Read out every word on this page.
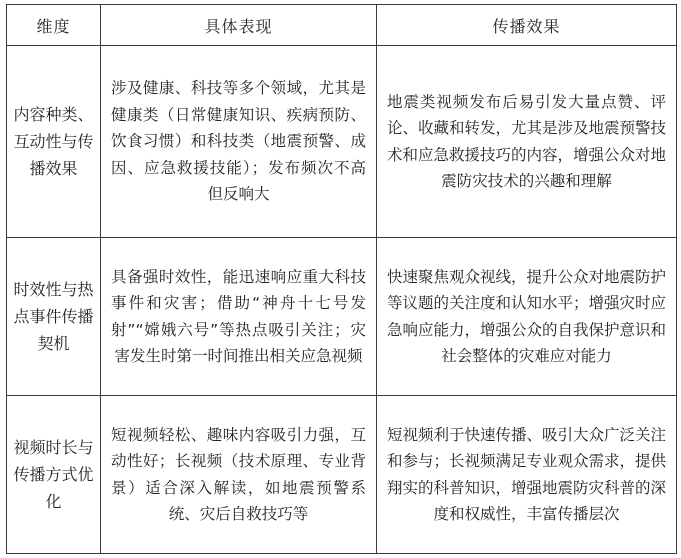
维度	具体表现	传播效果
内容种类、互动性与传播效果	涉及健康、科技等多个领域，尤其是健康类（日常健康知识、疾病预防、饮食习惯）和科技类（地震预警、成因、应急救援技能）；发布频次不高但反响大	地震类视频发布后易引发大量点赞、评论、收藏和转发，尤其是涉及地震预警技术和应急救援技巧的内容，增强公众对地震防灾技术的兴趣和理解
时效性与热点事件传播契机	具备强时效性，能迅速响应重大科技事件和灾害；借助“神舟十七号发射”“嫦娥六号”等热点吸引关注；灾害发生时第一时间推出相关应急视频	快速聚焦观众视线，提升公众对地震防护等议题的关注度和认知水平；增强灾时应急响应能力，增强公众的自我保护意识和社会整体的灾难应对能力
视频时长与传播方式优化	短视频轻松、趣味内容吸引力强，互动性好；长视频（技术原理、专业背景）适合深入解读，如地震预警系统、灾后自救技巧等	短视频利于快速传播、吸引大众广泛关注和参与；长视频满足专业观众需求，提供翔实的科普知识，增强地震防灾科普的深度和权威性，丰富传播层次
